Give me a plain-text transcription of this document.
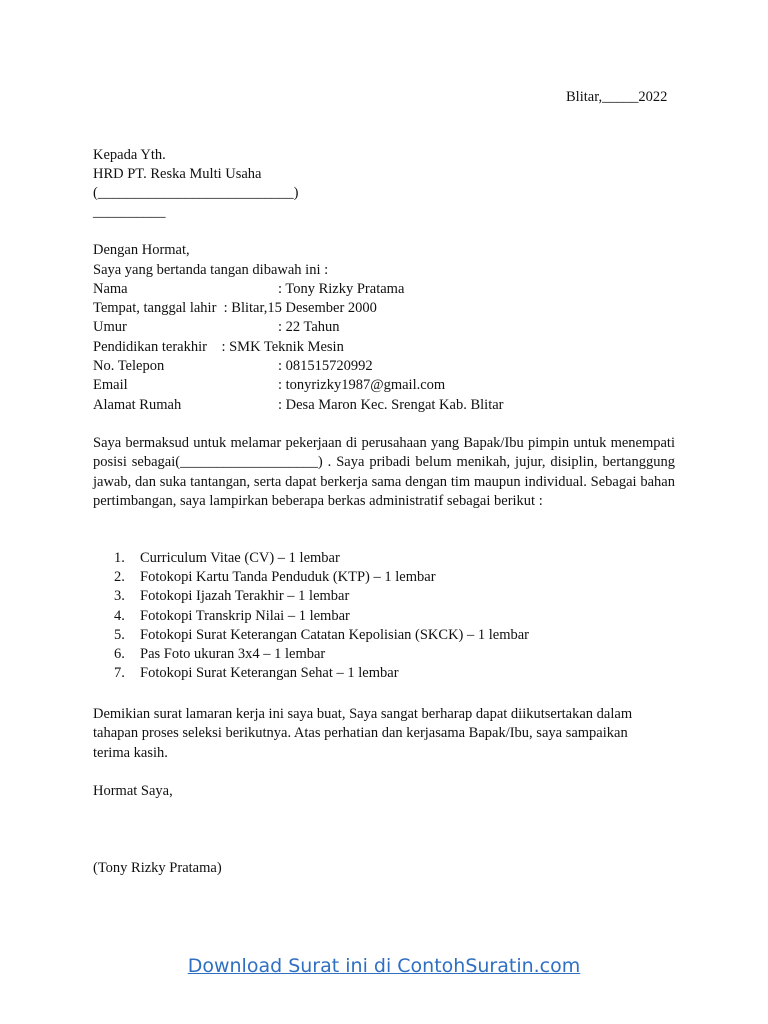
Blitar,_____2022
Kepada Yth.
HRD PT. Reska Multi Usaha
(___________________________)
__________
Dengan Hormat,
Saya yang bertanda tangan dibawah ini :
Nama	: Tony Rizky Pratama
Tempat, tanggal lahir  : Blitar,15 Desember 2000
Umur	: 22 Tahun
Pendidikan terakhir    : SMK Teknik Mesin
No. Telepon	: 081515720992
Email	: tonyrizky1987@gmail.com
Alamat Rumah	: Desa Maron Kec. Srengat Kab. Blitar
Saya bermaksud untuk melamar pekerjaan di perusahaan yang Bapak/Ibu pimpin untuk menempati posisi sebagai(___________________) . Saya pribadi belum menikah, jujur, disiplin, bertanggung jawab, dan suka tantangan, serta dapat berkerja sama dengan tim maupun individual. Sebagai bahan pertimbangan, saya lampirkan beberapa berkas administratif sebagai berikut :
1. Curriculum Vitae (CV) – 1 lembar
2. Fotokopi Kartu Tanda Penduduk (KTP) – 1 lembar
3. Fotokopi Ijazah Terakhir – 1 lembar
4. Fotokopi Transkrip Nilai – 1 lembar
5. Fotokopi Surat Keterangan Catatan Kepolisian (SKCK) – 1 lembar
6. Pas Foto ukuran 3x4 – 1 lembar
7. Fotokopi Surat Keterangan Sehat – 1 lembar
Demikian surat lamaran kerja ini saya buat, Saya sangat berharap dapat diikutsertakan dalam tahapan proses seleksi berikutnya. Atas perhatian dan kerjasama Bapak/Ibu, saya sampaikan terima kasih.
Hormat Saya,
(Tony Rizky Pratama)
Download Surat ini di ContohSuratin.com
